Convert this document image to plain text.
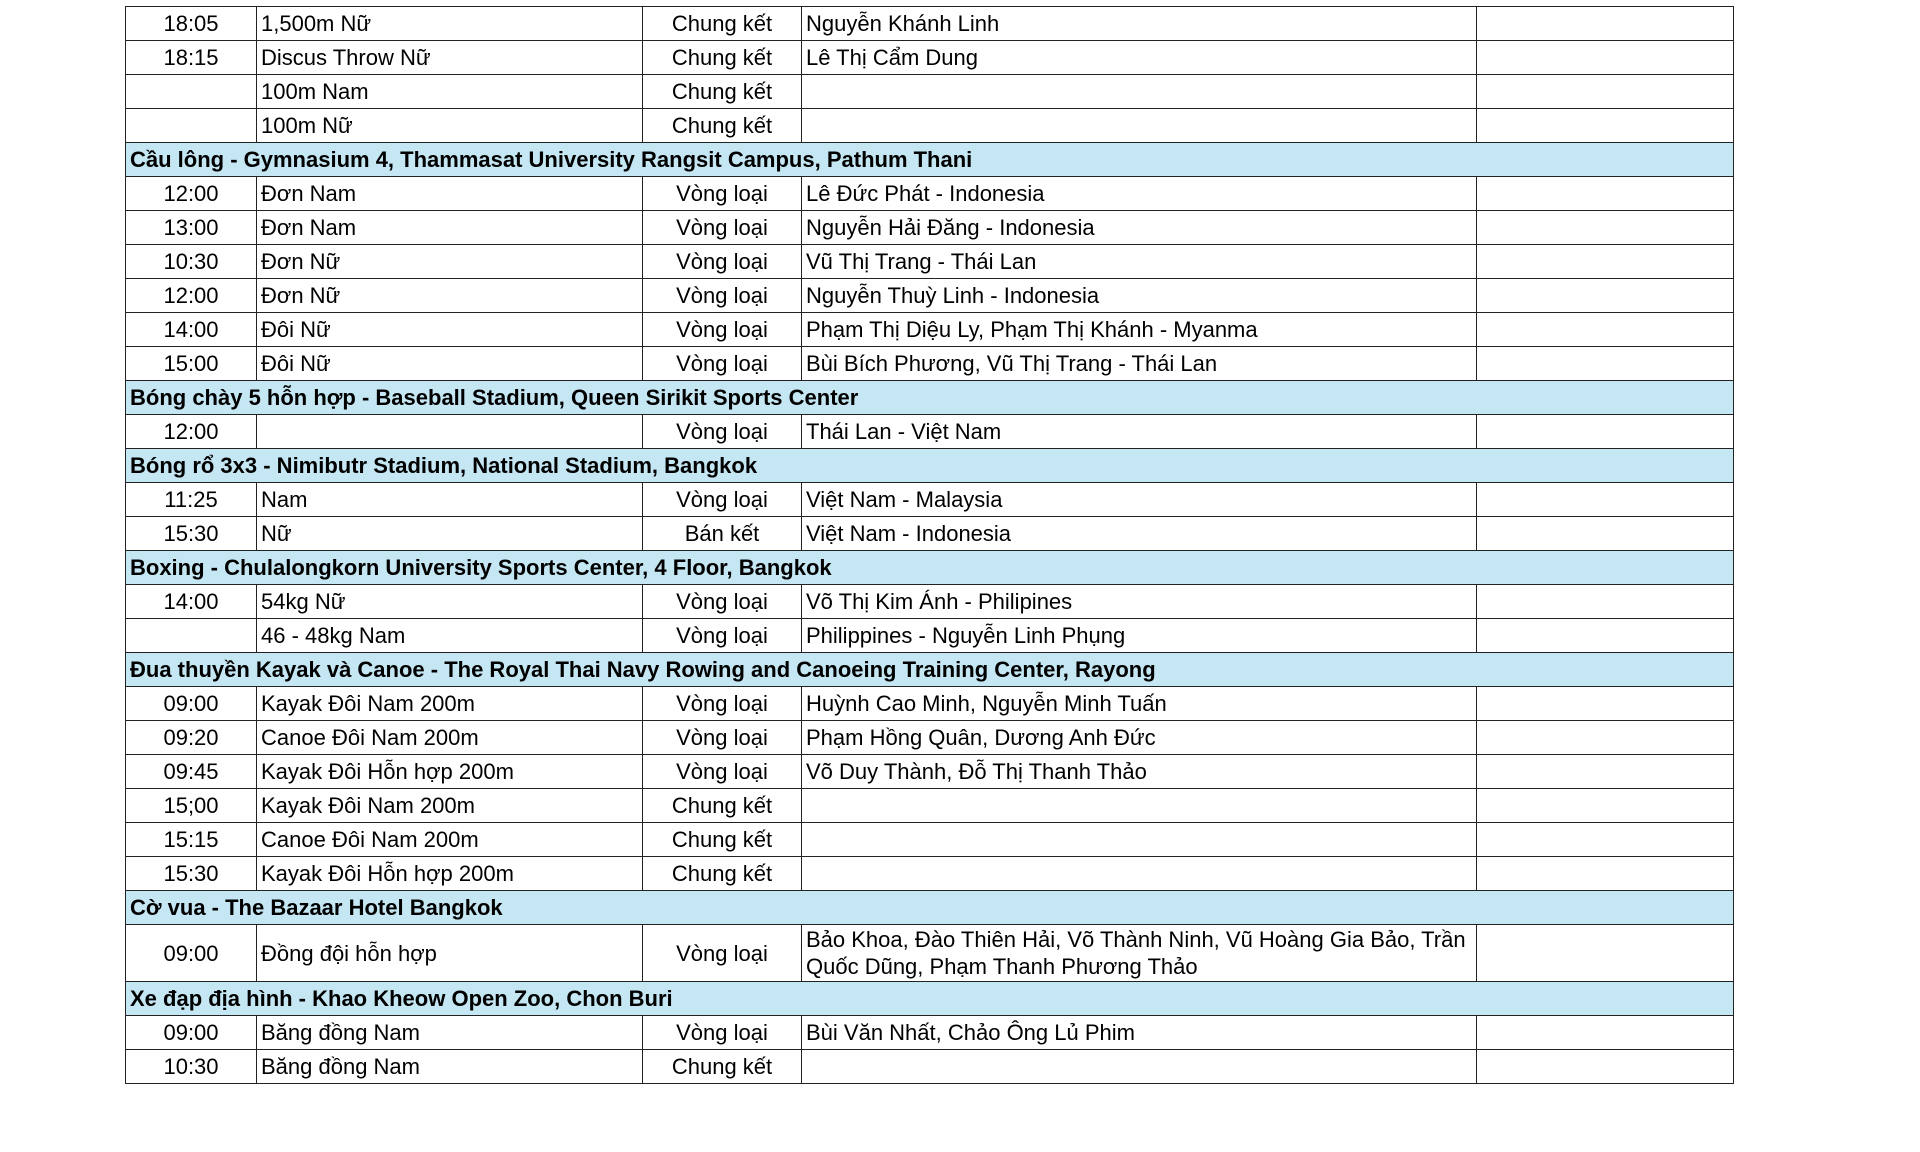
18:05	1,500m Nữ	Chung kết	Nguyễn Khánh Linh	
18:15	Discus Throw Nữ	Chung kết	Lê Thị Cẩm Dung	
	100m Nam	Chung kết		
	100m Nữ	Chung kết		
Cầu lông - Gymnasium 4, Thammasat University Rangsit Campus, Pathum Thani				
12:00	Đơn Nam	Vòng loại	Lê Đức Phát - Indonesia	
13:00	Đơn Nam	Vòng loại	Nguyễn Hải Đăng - Indonesia	
10:30	Đơn Nữ	Vòng loại	Vũ Thị Trang - Thái Lan	
12:00	Đơn Nữ	Vòng loại	Nguyễn Thuỳ Linh - Indonesia	
14:00	Đôi Nữ	Vòng loại	Phạm Thị Diệu Ly, Phạm Thị Khánh - Myanma	
15:00	Đôi Nữ	Vòng loại	Bùi Bích Phương, Vũ Thị Trang - Thái Lan	
Bóng chày 5 hỗn hợp - Baseball Stadium, Queen Sirikit Sports Center				
12:00		Vòng loại	Thái Lan - Việt Nam	
Bóng rổ 3x3 - Nimibutr Stadium, National Stadium, Bangkok				
11:25	Nam	Vòng loại	Việt Nam - Malaysia	
15:30	Nữ	Bán kết	Việt Nam - Indonesia	
Boxing - Chulalongkorn University Sports Center, 4 Floor, Bangkok				
14:00	54kg Nữ	Vòng loại	Võ Thị Kim Ánh - Philipines	
	46 - 48kg Nam	Vòng loại	Philippines - Nguyễn Linh Phụng	
Đua thuyền Kayak và Canoe - The Royal Thai Navy Rowing and Canoeing Training Center, Rayong				
09:00	Kayak Đôi Nam 200m	Vòng loại	Huỳnh Cao Minh, Nguyễn Minh Tuấn	
09:20	Canoe Đôi Nam 200m	Vòng loại	Phạm Hồng Quân, Dương Anh Đức	
09:45	Kayak Đôi Hỗn hợp 200m	Vòng loại	Võ Duy Thành, Đỗ Thị Thanh Thảo	
15;00	Kayak Đôi Nam 200m	Chung kết		
15:15	Canoe Đôi Nam 200m	Chung kết		
15:30	Kayak Đôi Hỗn hợp 200m	Chung kết		
Cờ vua - The Bazaar Hotel Bangkok				
09:00	Đồng đội hỗn hợp	Vòng loại	Bảo Khoa, Đào Thiên Hải, Võ Thành Ninh, Vũ Hoàng Gia Bảo, Trần Quốc Dũng, Phạm Thanh Phương Thảo	
Xe đạp địa hình - Khao Kheow Open Zoo, Chon Buri				
09:00	Băng đồng Nam	Vòng loại	Bùi Văn Nhất, Chảo Ông Lủ Phim	
10:30	Băng đồng Nam	Chung kết		
